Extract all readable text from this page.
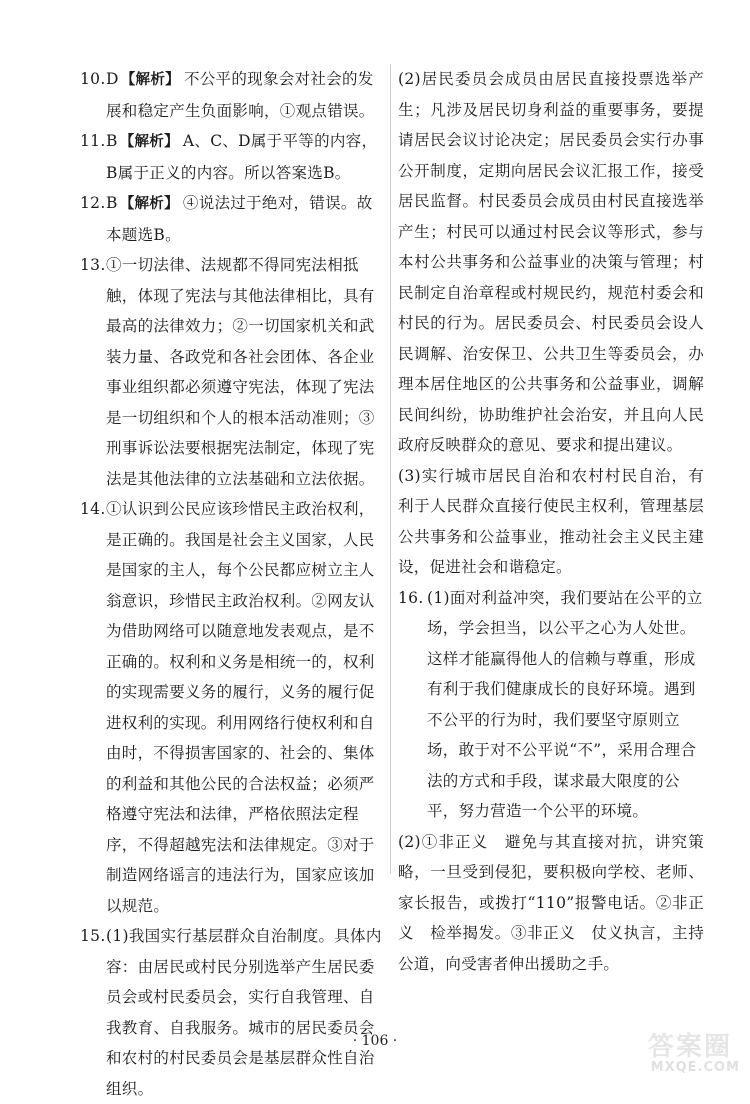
10. D 【解析】 不公平的现象会对社会的发展和稳定产生负面影响，①观点错误。
11. B 【解析】 A、C、D属于平等的内容，B属于正义的内容。所以答案选B。
12. B 【解析】 ④说法过于绝对，错误。故本题选B。
13. ①一切法律、法规都不得同宪法相抵触，体现了宪法与其他法律相比，具有最高的法律效力；②一切国家机关和武装力量、各政党和各社会团体、各企业事业组织都必须遵守宪法，体现了宪法是一切组织和个人的根本活动准则；③刑事诉讼法要根据宪法制定，体现了宪法是其他法律的立法基础和立法依据。
14. ①认识到公民应该珍惜民主政治权利，是正确的。我国是社会主义国家，人民是国家的主人，每个公民都应树立主人翁意识，珍惜民主政治权利。②网友认为借助网络可以随意地发表观点，是不正确的。权利和义务是相统一的，权利的实现需要义务的履行，义务的履行促进权利的实现。利用网络行使权利和自由时，不得损害国家的、社会的、集体的利益和其他公民的合法权益；必须严格遵守宪法和法律，严格依照法定程序，不得超越宪法和法律规定。③对于制造网络谣言的违法行为，国家应该加以规范。
15. (1)我国实行基层群众自治制度。具体内容：由居民或村民分别选举产生居民委员会或村民委员会，实行自我管理、自我教育、自我服务。城市的居民委员会和农村的村民委员会是基层群众性自治组织。
(2)居民委员会成员由居民直接投票选举产生；凡涉及居民切身利益的重要事务，要提请居民会议讨论决定；居民委员会实行办事公开制度，定期向居民会议汇报工作，接受居民监督。村民委员会成员由村民直接选举产生；村民可以通过村民会议等形式，参与本村公共事务和公益事业的决策与管理；村民制定自治章程或村规民约，规范村委会和村民的行为。居民委员会、村民委员会设人民调解、治安保卫、公共卫生等委员会，办理本居住地区的公共事务和公益事业，调解民间纠纷，协助维护社会治安，并且向人民政府反映群众的意见、要求和提出建议。
(3)实行城市居民自治和农村村民自治，有利于人民群众直接行使民主权利，管理基层公共事务和公益事业，推动社会主义民主建设，促进社会和谐稳定。
16. (1)面对利益冲突，我们要站在公平的立场，学会担当，以公平之心为人处世。这样才能赢得他人的信赖与尊重，形成有利于我们健康成长的良好环境。遇到不公平的行为时，我们要坚守原则立场，敢于对不公平说“不”，采用合理合法的方式和手段，谋求最大限度的公平，努力营造一个公平的环境。
(2)①非正义　避免与其直接对抗，讲究策略，一旦受到侵犯，要积极向学校、老师、家长报告，或拨打“110”报警电话。②非正义　检举揭发。③非正义　仗义执言，主持公道，向受害者伸出援助之手。
· 106 ·	答案圈
MXQE.COM
